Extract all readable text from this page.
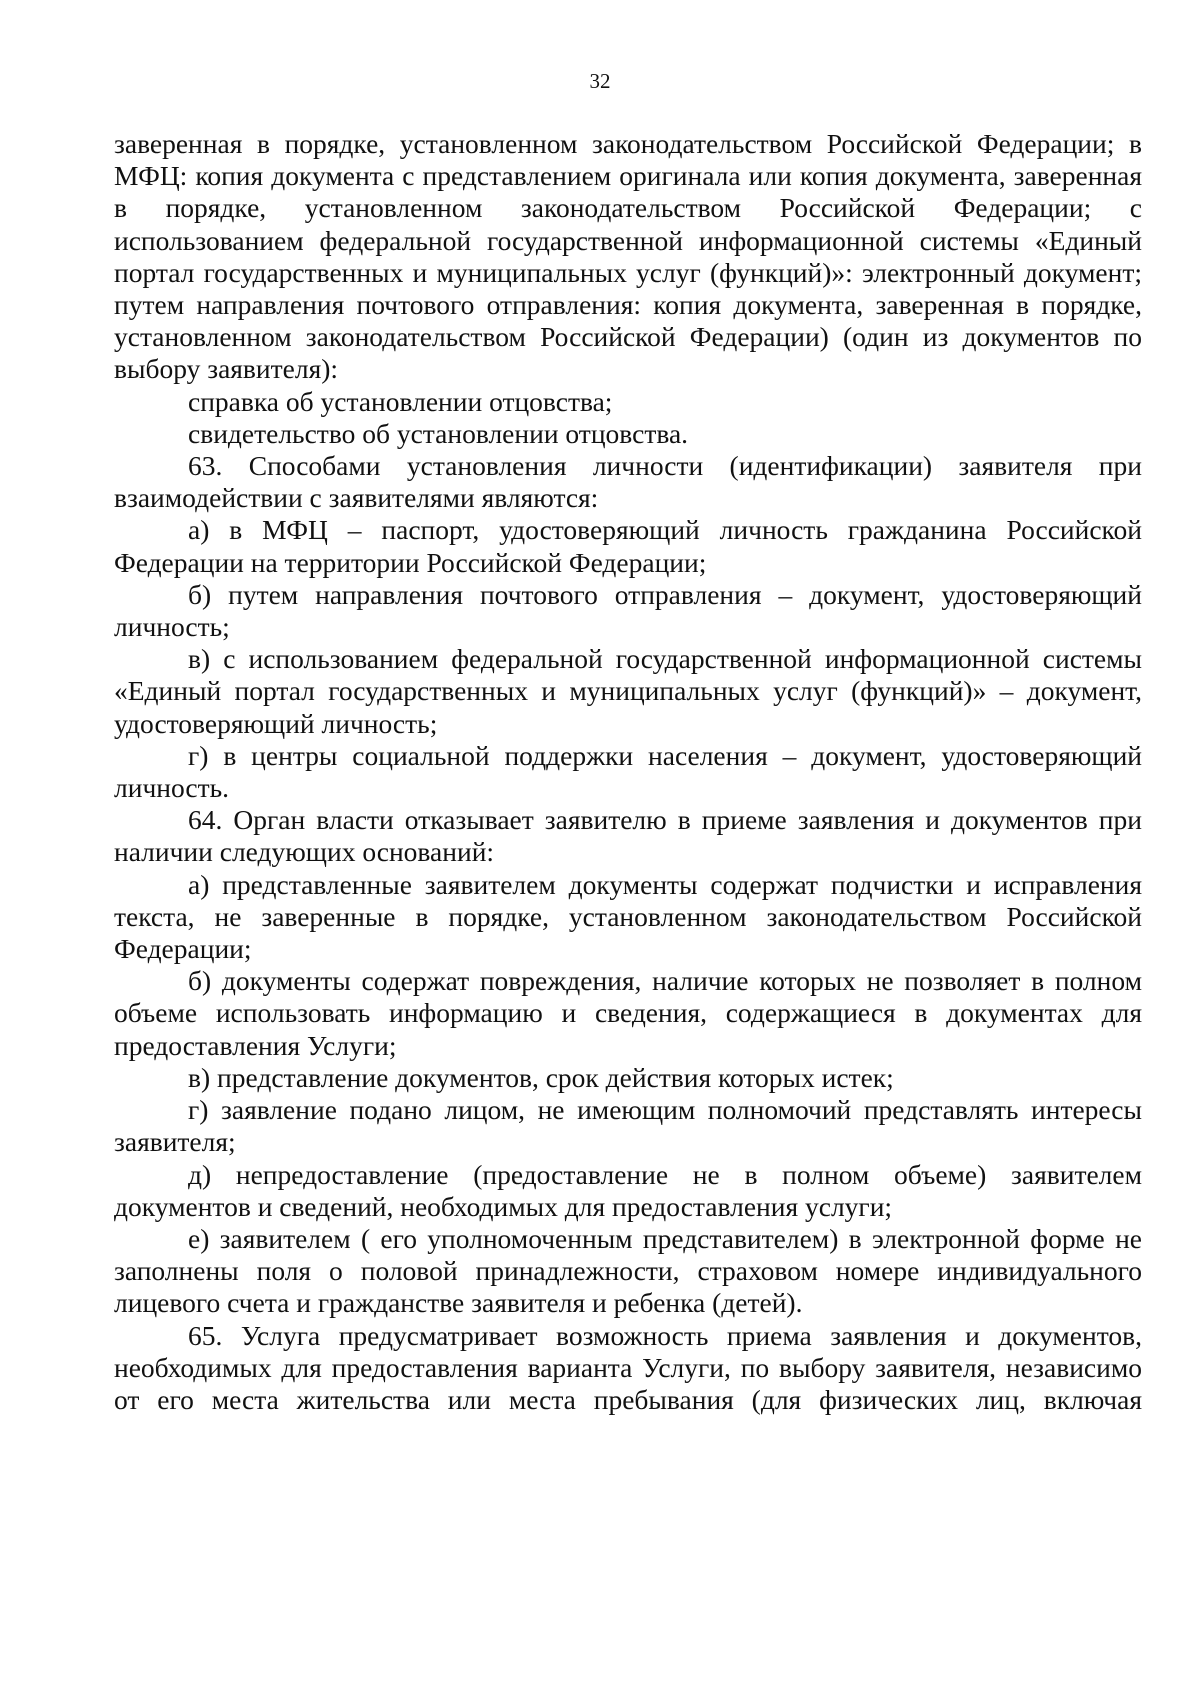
32

заверенная в порядке, установленном законодательством Российской Федерации; в МФЦ: копия документа с представлением оригинала или копия документа, заверенная в порядке, установленном законодательством Российской Федерации; с использованием федеральной государственной информационной системы «Единый портал государственных и муниципальных услуг (функций)»: электронный документ; путем направления почтового отправления: копия документа, заверенная в порядке, установленном законодательством Российской Федерации) (один из документов по выбору заявителя):

справка об установлении отцовства;

свидетельство об установлении отцовства.

63. Способами установления личности (идентификации) заявителя при взаимодействии с заявителями являются:

а) в МФЦ – паспорт, удостоверяющий личность гражданина Российской Федерации на территории Российской Федерации;

б) путем направления почтового отправления – документ, удостоверяющий личность;

в) с использованием федеральной государственной информационной системы «Единый портал государственных и муниципальных услуг (функций)» – документ, удостоверяющий личность;

г) в центры социальной поддержки населения – документ, удостоверяющий личность.

64. Орган власти отказывает заявителю в приеме заявления и документов при наличии следующих оснований:

а) представленные заявителем документы содержат подчистки и исправления текста, не заверенные в порядке, установленном законодательством Российской Федерации;

б) документы содержат повреждения, наличие которых не позволяет в полном объеме использовать информацию и сведения, содержащиеся в документах для предоставления Услуги;

в) представление документов, срок действия которых истек;

г) заявление подано лицом, не имеющим полномочий представлять интересы заявителя;

д) непредоставление (предоставление не в полном объеме) заявителем документов и сведений, необходимых для предоставления услуги;

е) заявителем ( его уполномоченным представителем) в электронной форме не заполнены поля о половой принадлежности, страховом номере индивидуального лицевого счета и гражданстве заявителя и ребенка (детей).

65. Услуга предусматривает возможность приема заявления и документов, необходимых для предоставления варианта Услуги, по выбору заявителя, независимо от его места жительства или места пребывания (для физических лиц, включая
